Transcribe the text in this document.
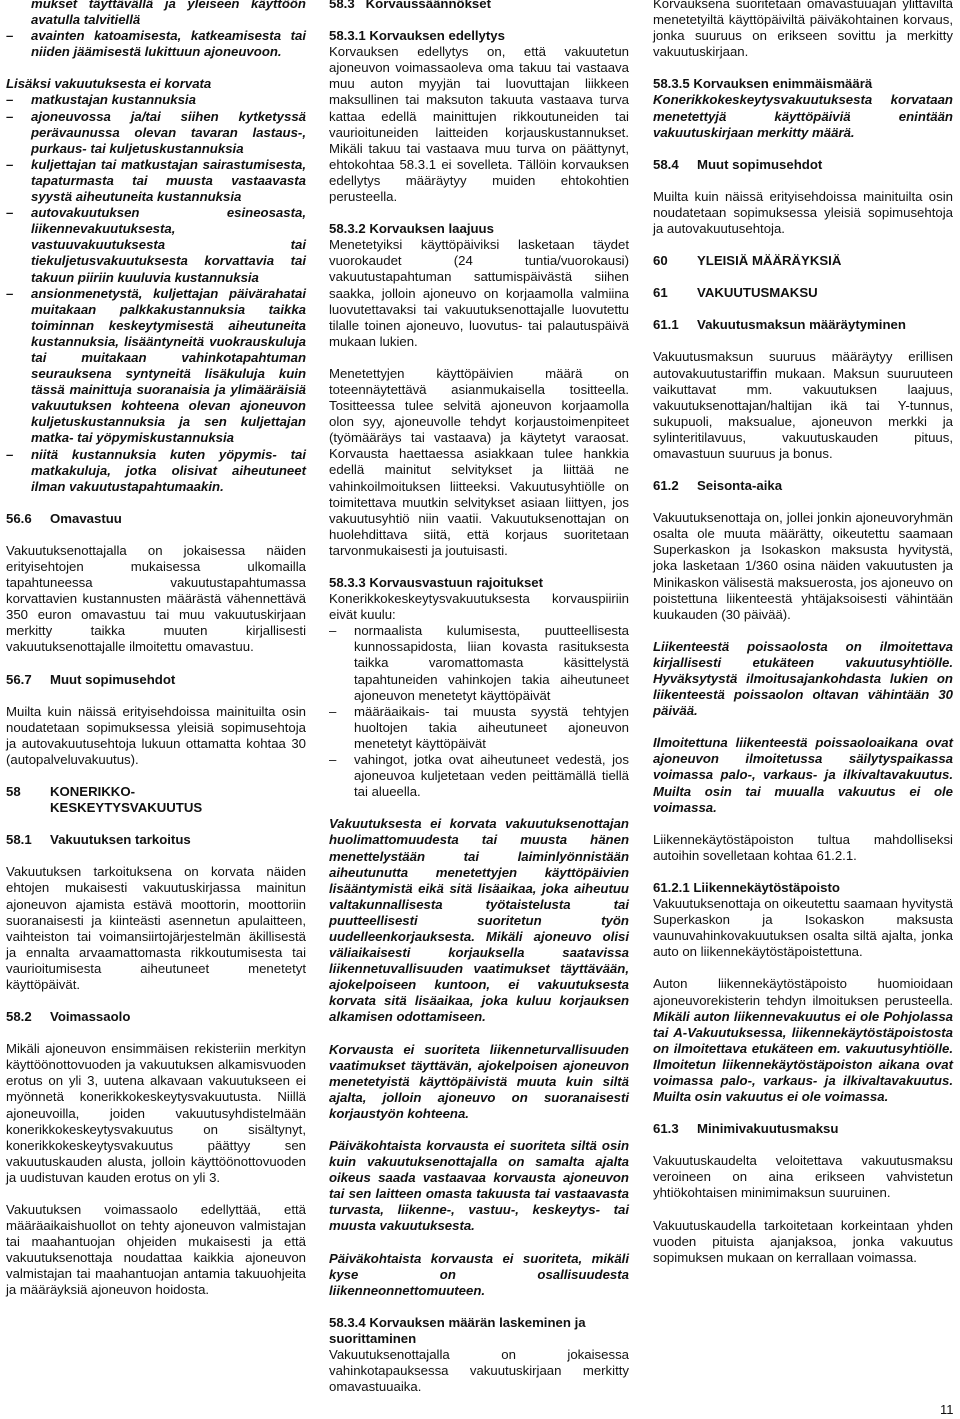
mukset täyttävällä ja yleiseen käyttöön avatulla talvitiellä
– avainten katoamisesta, katkeamisesta tai niiden jäämisestä lukittuun ajoneuvoon.

Lisäksi vakuutuksesta ei korvata

– matkustajan kustannuksia
– ajoneuvossa ja/tai siihen kytketyssä perävaunussa olevan tavaran lastaus-, purkaus- tai kuljetuskustannuksia
– kuljettajan tai matkustajan sairastumisesta, tapaturmasta tai muusta vastaavasta syystä aiheutuneita kustannuksia
– autovakuutuksen esineosasta, liikennevakuutuksesta, vastuuvakuutuksesta tai tiekuljetusvakuutuksesta korvattavia tai takuun piiriin kuuluvia kustannuksia
– ansionmenetystä, kuljettajan päivärahatai muitakaan palkkakustannuksia taikka toiminnan keskeytymisestä aiheutuneita kustannuksia, lisääntyneitä vuokrauskuluja tai muitakaan vahinkotapahtuman seurauksena syntyneitä lisäkuluja kuin tässä mainittuja suoranaisia ja ylimääräisiä vakuutuksen kohteena olevan ajoneuvon kuljetuskustannuksia ja sen kuljettajan matka- tai yöpymiskustannuksia
– niitä kustannuksia kuten yöpymis- tai matkakuluja, jotka olisivat aiheutuneet ilman vakuutustapahtumaakin.
56.6 Omavastuu

Vakuutuksenottajalla on jokaisessa näiden erityisehtojen mukaisessa ulkomailla tapahtuneessa vakuutustapahtumassa korvattavien kustannusten määrästä vähennettävä 350 euron omavastuu tai muu vakuutuskirjaan merkitty taikka muuten kirjallisesti vakuutuksenottajalle ilmoitettu omavastuu.

56.7 Muut sopimusehdot

Muilta kuin näissä erityisehdoissa mainituilta osin noudatetaan sopimuksessa yleisiä sopimusehtoja ja autovakuutusehtoja lukuun ottamatta kohtaa 30 (autopalveluvakuutus).

58 KONERIKKO-KESKEYTYSVAKUUTUS
58.1 Vakuutuksen tarkoitus

Vakuutuksen tarkoituksena on korvata näiden ehtojen mukaisesti vakuutuskirjassa mainitun ajoneuvon ajamista estävä moottorin, moottoriin suoranaisesti ja kiinteästi asennetun apulaitteen, vaihteiston tai voimansiirtojärjestelmän äkillisestä ja ennalta arvaamattomasta rikkoutumisesta tai vaurioitumisesta aiheutuneet menetetyt käyttöpäivät.

58.2 Voimassaolo

Mikäli ajoneuvon ensimmäisen rekisteriin merkityn käyttöönottovuoden ja vakuutuksen alkamisvuoden erotus on yli 3, uutena alkavaan vakuutukseen ei myönnetä konerikkokeskeytysvakuutusta. Niillä ajoneuvoilla, joiden vakuutusyhdistelmään konerikkokeskeytysvakuutus on sisältynyt, konerikkokeskeytysvakuutus päättyy sen vakuutuskauden alusta, jolloin käyttöönottovuoden ja uudistuvan kauden erotus on yli 3.

Vakuutuksen voimassaolo edellyttää, että määräaikaishuollot on tehty ajoneuvon valmistajan tai maahantuojan ohjeiden mukaisesti ja että vakuutuksenottaja noudattaa kaikkia ajoneuvon valmistajan tai maahantuojan antamia takuuohjeita ja määräyksiä ajoneuvon hoidosta.

58.3   Korvaussäännökset
58.3.1 Korvauksen edellytys

Korvauksen edellytys on, että vakuutetun ajoneuvon voimassaoleva oma takuu tai vastaava muu auton myyjän tai luovuttajan liikkeen maksullinen tai maksuton takuuta vastaava turva kattaa edellä mainittujen rikkoutuneiden tai vaurioituneiden laitteiden korjauskustannukset. Mikäli takuu tai vastaava muu turva on päättynyt, ehtokohtaa 58.3.1 ei sovelleta. Tällöin korvauksen edellytys määräytyy muiden ehtokohtien perusteella.

58.3.2 Korvauksen laajuus

Menetetyiksi käyttöpäiviksi lasketaan täydet vuorokaudet (24 tuntia/vuorokausi) vakuutustapahtuman sattumispäivästä siihen saakka, jolloin ajoneuvo on korjaamolla valmiina luovutettavaksi tai vakuutuksenottajalle luovutettu tilalle toinen ajoneuvo, luovutus- tai palautuspäivä mukaan lukien.

Menetettyjen käyttöpäivien määrä on toteennäytettävä asianmukaisella tositteella. Tositteessa tulee selvitä ajoneuvon korjaamolla olon syy, ajoneuvolle tehdyt korjaustoimenpiteet (työmääräys tai vastaava) ja käytetyt varaosat. Korvausta haettaessa asiakkaan tulee hankkia edellä mainitut selvitykset ja liittää ne vahinkoilmoituksen liitteeksi. Vakuutusyhtiölle on toimitettava muutkin selvitykset asiaan liittyen, jos vakuutusyhtiö niin vaatii. Vakuutuksenottajan on huolehdittava siitä, että korjaus suoritetaan tarvonmukaisesti ja joutuisasti.

58.3.3 Korvausvastuun rajoitukset

Konerikkokeskeytysvakuutuksesta korvauspiiriin eivät kuulu:

– normaalista kulumisesta, puutteellisesta kunnossapidosta, liian kovasta rasituksesta taikka varomattomasta käsittelystä tapahtuneiden vahinkojen takia aiheutuneet ajoneuvon menetetyt käyttöpäivät
– määräaikais- tai muusta syystä tehtyjen huoltojen takia aiheutuneet ajoneuvon menetetyt käyttöpäivät
– vahingot, jotka ovat aiheutuneet vedestä, jos ajoneuvoa kuljetetaan veden peittämällä tiellä tai alueella.

Vakuutuksesta ei korvata vakuutuksenottajan huolimattomuudesta tai muusta hänen menettelystään tai laiminlyönnistään aiheutunutta menetettyjen käyttöpäivien lisääntymistä eikä sitä lisäaikaa, joka aiheutuu valtakunnallisesta työtaistelusta tai puutteellisesti suoritetun työn uudelleenkorjauksesta. Mikäli ajoneuvo olisi väliaikaisesti korjauksella saatavissa liikennetuvallisuuden vaatimukset täyttävään, ajokelpoiseen kuntoon, ei vakuutuksesta korvata sitä lisäaikaa, joka kuluu korjauksen alkamisen odottamiseen.

Korvausta ei suoriteta liikenneturvallisuuden vaatimukset täyttävän, ajokelpoisen ajoneuvon menetetyistä käyttöpäivistä muuta kuin siltä ajalta, jolloin ajoneuvo on suoranaisesti korjaustyön kohteena.

Päiväkohtaista korvausta ei suoriteta siltä osin kuin vakuutuksenottajalla on samalta ajalta oikeus saada vastaavaa korvausta ajoneuvon tai sen laitteen omasta takuusta tai vastaavasta turvasta, liikenne-, vastuu-, keskeytys- tai muusta vakuutuksesta.

Päiväkohtaista korvausta ei suoriteta, mikäli kyse on osallisuudesta liikenneonnettomuuteen.

58.3.4 Korvauksen määrän laskeminen ja suorittaminen

Vakuutuksenottajalla on jokaisessa vahinkotapauksessa vakuutuskirjaan merkitty omavastuuaika.

Korvauksena suoritetaan omavastuuajan ylittäviltä menetetyiltä käyttöpäiviltä päiväkohtainen korvaus, jonka suuruus on erikseen sovittu ja merkitty vakuutuskirjaan.

58.3.5 Korvauksen enimmäismäärä

Konerikkokeskeytysvakuutuksesta korvataan menetettyjä käyttöpäiviä enintään vakuutuskirjaan merkitty määrä.

58.4 Muut sopimusehdot

Muilta kuin näissä erityisehdoissa mainituilta osin noudatetaan sopimuksessa yleisiä sopimusehtoja ja autovakuutusehtoja.

60 YLEISIÄ MÄÄRÄYKSIÄ
61 VAKUUTUSMAKSU
61.1 Vakuutusmaksun määräytyminen

Vakuutusmaksun suuruus määräytyy erillisen autovakuutustariffin mukaan. Maksun suuruuteen vaikuttavat mm. vakuutuksen laajuus, vakuutuksenottajan/haltijan ikä tai Y-tunnus, sukupuoli, maksualue, ajoneuvon merkki ja sylinteritilavuus, vakuutuskauden pituus, omavastuun suuruus ja bonus.

61.2 Seisonta-aika

Vakuutuksenottaja on, jollei jonkin ajoneuvoryhmän osalta ole muuta määrätty, oikeutettu saamaan Superkaskon ja Isokaskon maksusta hyvitystä, joka lasketaan 1/360 osina näiden vakuutusten ja Minikaskon välisestä maksuerosta, jos ajoneuvo on poistettuna liikenteestä yhtäjaksoisesti vähintään kuukauden (30 päivää).

Liikenteestä poissaolosta on ilmoitettava kirjallisesti etukäteen vakuutusyhtiölle. Hyväksytystä ilmoitusajankohdasta lukien on liikenteestä poissaolon oltavan vähintään 30 päivää.

Ilmoitettuna liikenteestä poissaoloaikana ovat ajoneuvon ilmoitetussa säilytyspaikassa voimassa palo-, varkaus- ja ilkivaltavakuutus. Muilta osin tai muualla vakuutus ei ole voimassa.

Liikennekäytöstäpoiston tultua mahdolliseksi autoihin sovelletaan kohtaa 61.2.1.

61.2.1 Liikennekäytöstäpoisto

Vakuutuksenottaja on oikeutettu saamaan hyvitystä Superkaskon ja Isokaskon maksusta vaunuvahinkovakuutuksen osalta siltä ajalta, jonka auto on liikennekäytöstäpoistettuna.

Auton liikennekäytöstäpoisto huomioidaan ajoneuvorekisterin tehdyn ilmoituksen perusteella. Mikäli auton liikennevakuutus ei ole Pohjolassa tai A-Vakuutuksessa, liikennekäytöstäpoistosta on ilmoitettava etukäteen em. vakuutusyhtiölle. Ilmoitetun liikennekäytöstäpoiston aikana ovat voimassa palo-, varkaus- ja ilkivaltavakuutus. Muilta osin vakuutus ei ole voimassa.

61.3 Minimivakuutusmaksu

Vakuutuskaudelta veloitettava vakuutusmaksu veroineen on aina erikseen vahvistetun yhtiökohtaisen minimimaksun suuruinen.

Vakuutuskaudella tarkoitetaan korkeintaan yhden vuoden pituista ajanjaksoa, jonka vakuutus sopimuksen mukaan on kerrallaan voimassa.

11
